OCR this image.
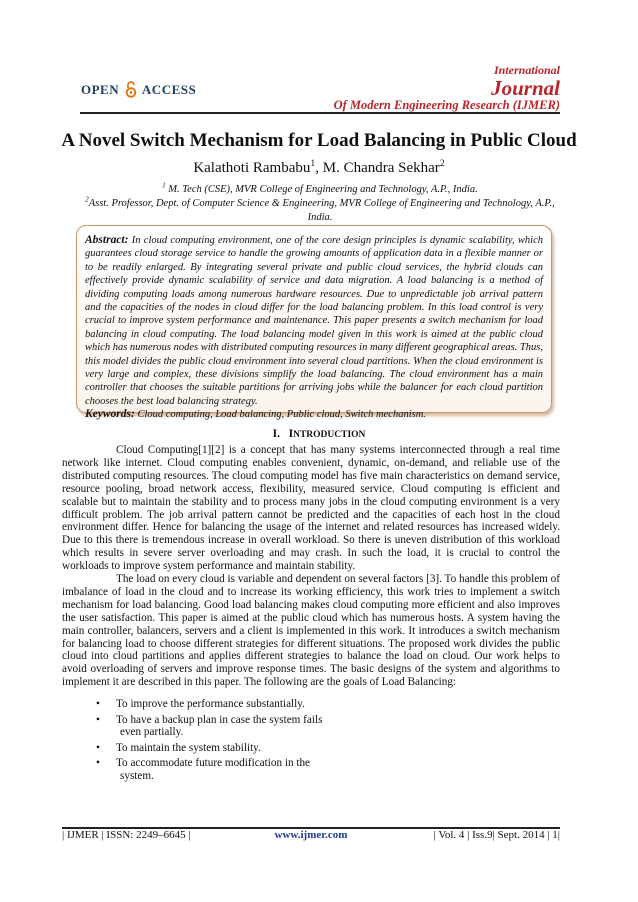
OPEN ACCESS
International
Journal
Of Modern Engineering Research (IJMER)
A Novel Switch Mechanism for Load Balancing in Public Cloud
Kalathoti Rambabu$^1$, M. Chandra Sekhar$^2$
$^1$ M. Tech (CSE), MVR College of Engineering and Technology, A.P., India.
$^2$Asst. Professor, Dept. of Computer Science & Engineering, MVR College of Engineering and Technology, A.P., India.
Abstract: In cloud computing environment, one of the core design principles is dynamic scalability, which guarantees cloud storage service to handle the growing amounts of application data in a flexible manner or to be readily enlarged. By integrating several private and public cloud services, the hybrid clouds can effectively provide dynamic scalability of service and data migration. A load balancing is a method of dividing computing loads among numerous hardware resources. Due to unpredictable job arrival pattern and the capacities of the nodes in cloud differ for the load balancing problem. In this load control is very crucial to improve system performance and maintenance. This paper presents a switch mechanism for load balancing in cloud computing. The load balancing model given in this work is aimed at the public cloud which has numerous nodes with distributed computing resources in many different geographical areas. Thus, this model divides the public cloud environment into several cloud partitions. When the cloud environment is very large and complex, these divisions simplify the load balancing. The cloud environment has a main controller that chooses the suitable partitions for arriving jobs while the balancer for each cloud partition chooses the best load balancing strategy.
Keywords: Cloud computing, Load balancing, Public cloud, Switch mechanism.
I. INTRODUCTION

Cloud Computing[1][2] is a concept that has many systems interconnected through a real time network like internet. Cloud computing enables convenient, dynamic, on-demand, and reliable use of the distributed computing resources. The cloud computing model has five main characteristics on demand service, resource pooling, broad network access, flexibility, measured service. Cloud computing is efficient and scalable but to maintain the stability and to process many jobs in the cloud computing environment is a very difficult problem. The job arrival pattern cannot be predicted and the capacities of each host in the cloud environment differ. Hence for balancing the usage of the internet and related resources has increased widely. Due to this there is tremendous increase in overall workload. So there is uneven distribution of this workload which results in severe server overloading and may crash. In such the load, it is crucial to control the workloads to improve system performance and maintain stability.

The load on every cloud is variable and dependent on several factors [3]. To handle this problem of imbalance of load in the cloud and to increase its working efficiency, this work tries to implement a switch mechanism for load balancing. Good load balancing makes cloud computing more efficient and also improves the user satisfaction. This paper is aimed at the public cloud which has numerous hosts. A system having the main controller, balancers, servers and a client is implemented in this work. It introduces a switch mechanism for balancing load to choose different strategies for different situations. The proposed work divides the public cloud into cloud partitions and applies different strategies to balance the load on cloud. Our work helps to avoid overloading of servers and improve response times. The basic designs of the system and algorithms to implement it are described in this paper. The following are the goals of Load Balancing:

• To improve the performance substantially.
• To have a backup plan in case the system fails
even partially.
• To maintain the system stability.
• To accommodate future modification in the
system.
| IJMER | ISSN: 2249–6645 |	www.ijmer.com	| Vol. 4 | Iss.9| Sept. 2014 | 1|
